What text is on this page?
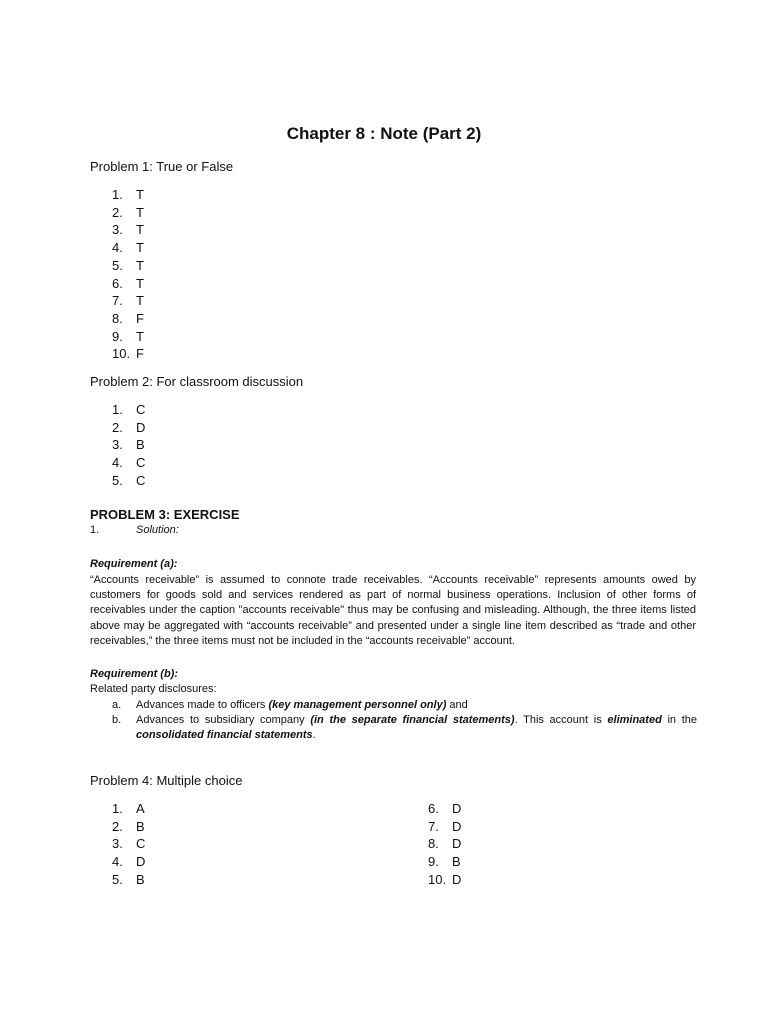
Chapter 8 : Note (Part 2)
Problem 1: True or False
1. T
2. T
3. T
4. T
5. T
6. T
7. T
8. F
9. T
10. F
Problem 2: For classroom discussion
1. C
2. D
3. B
4. C
5. C
PROBLEM 3: EXERCISE
1.	Solution:
Requirement (a):

“Accounts receivable” is assumed to connote trade receivables. “Accounts receivable” represents amounts owed by customers for goods sold and services rendered as part of normal business operations. Inclusion of other forms of receivables under the caption "accounts receivable" thus may be confusing and misleading. Although, the three items listed above may be aggregated with “accounts receivable” and presented under a single line item described as “trade and other receivables,” the three items must not be included in the “accounts receivable” account.

Requirement (b):
Related party disclosures:
a.	Advances made to officers (key management personnel only) and
b.	Advances to subsidiary company (in the separate financial statements). This account is eliminated in the consolidated financial statements.
Problem 4: Multiple choice
1. A
2. B
3. C
4. D
5. B
6. D
7. D
8. D
9. B
10. D
